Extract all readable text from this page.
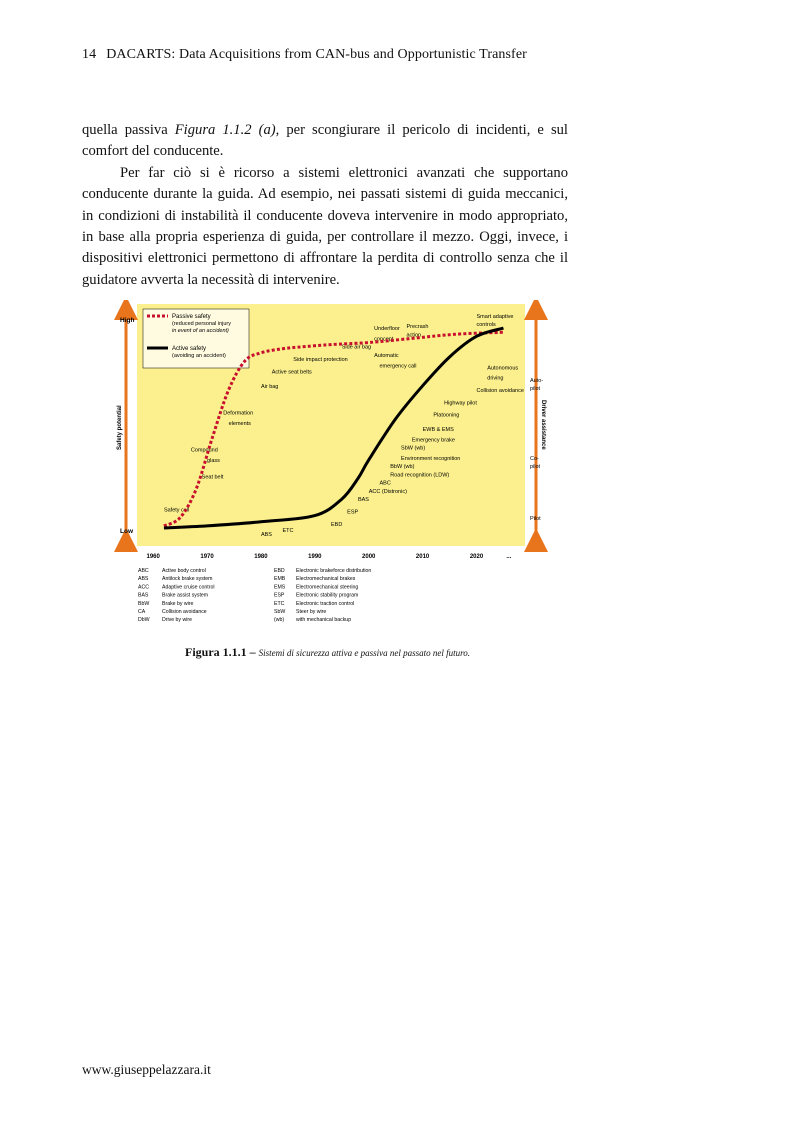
14 DACARTS: Data Acquisitions from CAN-bus and Opportunistic Transfer

quella passiva Figura 1.1.2 (a), per scongiurare il pericolo di incidenti, e sul comfort del conducente.

Per far ciò si è ricorso a sistemi elettronici avanzati che supportano conducente durante la guida. Ad esempio, nei passati sistemi di guida meccanici, in condizioni di instabilità il conducente doveva intervenire in modo appropriato, in base alla propria esperienza di guida, per controllare il mezzo. Oggi, invece, i dispositivi elettronici permettono di affrontare la perdita di controllo senza che il guidatore avverta la necessità di intervenire.

High
Low
Safety potential	Driver assistance
Auto-
pilot
Co-
pilot
Pilot
Passive safety
(reduced personal injury
in event of an accident)
Active safety
(avoiding an accident)
Safety cell
Seat belt
Compound
glass
Deformation
elements
Air bag
Active seat belts
Side impact protection
Side air bag
Underfloor
concept
Automatic
emergency call
Precrash
action
Smart adaptive
controls
ABS
ETC
EBD
ESP
BAS
ACC (Distronic)
ABC
Road recognition (LDW)
BbW (wb)
Environment recognition
SbW (wb)
Emergency brake
EWB & EMS
Platooning
Highway pilot
Collision avoidance
Autonomous
driving
1960	1970	1980	1990	2000	2010	2020	...
ABC	Active body control
ABS	Antilock brake system
ACC	Adaptive cruise control
BAS	Brake assist system
BbW Brake by wire
CA	Collision avoidance
DbW Drive by wire
EBD Electronic brakeforce distribution
EMB Electromechanical brakes
EMS Electromechanical steering
ESP Electronic stability program
ETC Electronic traction control
SbW Steer by wire
(wb) with mechanical backup
Figura 1.1.1 – Sistemi di sicurezza attiva e passiva nel passato nel futuro.
www.giuseppelazzara.it
